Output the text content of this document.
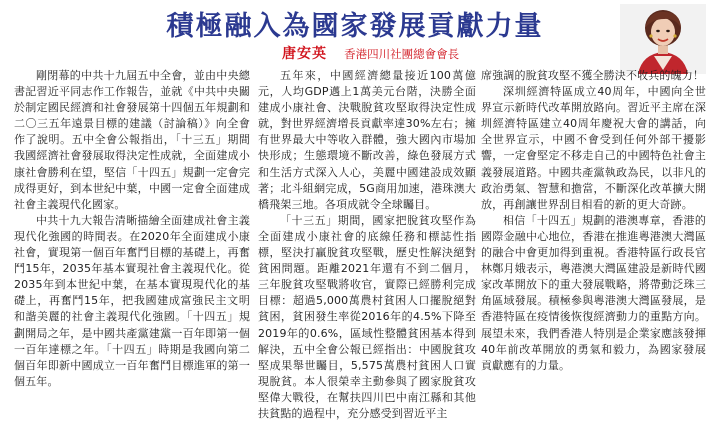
積極融入為國家發展貢獻力量
唐安英 香港四川社團總會會長

剛閉幕的中共十九屆五中全會，並由中央總書記習近平同志作工作報告，並就《中共中央關於制定國民經濟和社會發展第十四個五年規劃和二〇三五年遠景目標的建議（討論稿）》向全會作了說明。五中全會公報指出，「十三五」期間我國經濟社會發展取得決定性成就，全面建成小康社會勝利在望，堅信「十四五」規劃一定會完成得更好，到本世紀中葉，中國一定會全面建成社會主義現代化國家。

中共十九大報告清晰描繪全面建成社會主義現代化強國的時間表。在2020年全面建成小康社會，實現第一個百年奮鬥目標的基礎上，再奮鬥15年，2035年基本實現社會主義現代化。從2035年到本世紀中葉，在基本實現現代化的基礎上，再奮鬥15年，把我國建成富強民主文明和諧美麗的社會主義現代化強國。「十四五」規劃開局之年，是中國共產黨建黨一百年即第一個一百年達標之年。「十四五」時期是我國向第二個百年即新中國成立一百年奮鬥目標進軍的第一個五年。

五年來，中國經濟總量接近100萬億元，人均GDP邁上1萬美元台階，決勝全面建成小康社會、決戰脫貧攻堅取得決定性成就，對世界經濟增長貢獻率達30%左右；擁有世界最大中等收入群體，強大國內市場加快形成；生態環境不斷改善，綠色發展方式和生活方式深入人心，美麗中國建設成效顯著；北斗組網完成，5G商用加速，港珠澳大橋飛架三地。各項成就令全球矚目。

「十三五」期間，國家把脫貧攻堅作為全面建成小康社會的底線任務和標誌性指標，堅決打贏脫貧攻堅戰，歷史性解決絕對貧困問題。距離2021年還有不到二個月，三年脫貧攻堅戰將收官，實際已經勝利完成目標：超過5,000萬農村貧困人口擺脫絕對貧困，貧困發生率從2016年的4.5%下降至2019年的0.6%，區域性整體貧困基本得到解決，五中全會公報已經指出：中國脫貧攻堅成果舉世矚目，5,575萬農村貧困人口實現脫貧。本人很榮幸主動參與了國家脫貧攻堅偉大戰役，在幫扶四川巴中南江縣和其他扶貧點的過程中，充分感受到習近平主

席強調的脫貧攻堅不獲全勝決不收兵的魄力！

深圳經濟特區成立40周年，中國向全世界宣示新時代改革開放路向。習近平主席在深圳經濟特區建立40周年慶祝大會的講話，向全世界宣示，中國不會受到任何外部干擾影響，一定會堅定不移走自己的中國特色社會主義發展道路。中國共產黨執政為民，以非凡的政治勇氣、智慧和擔當，不斷深化改革擴大開放，再創讓世界刮目相看的新的更大奇跡。

相信「十四五」規劃的港澳專章，香港的國際金融中心地位，香港在推進粵港澳大灣區的融合中會更加得到重視。香港特區行政長官林鄭月娥表示，粵港澳大灣區建設是新時代國家改革開放下的重大發展戰略，將帶動泛珠三角區域發展。積極參與粵港澳大灣區發展，是香港特區在疫情後恢復經濟動力的重點方向。展望未來，我們香港人特別是企業家應該發揮40年前改革開放的勇氣和毅力，為國家發展貢獻應有的力量。
